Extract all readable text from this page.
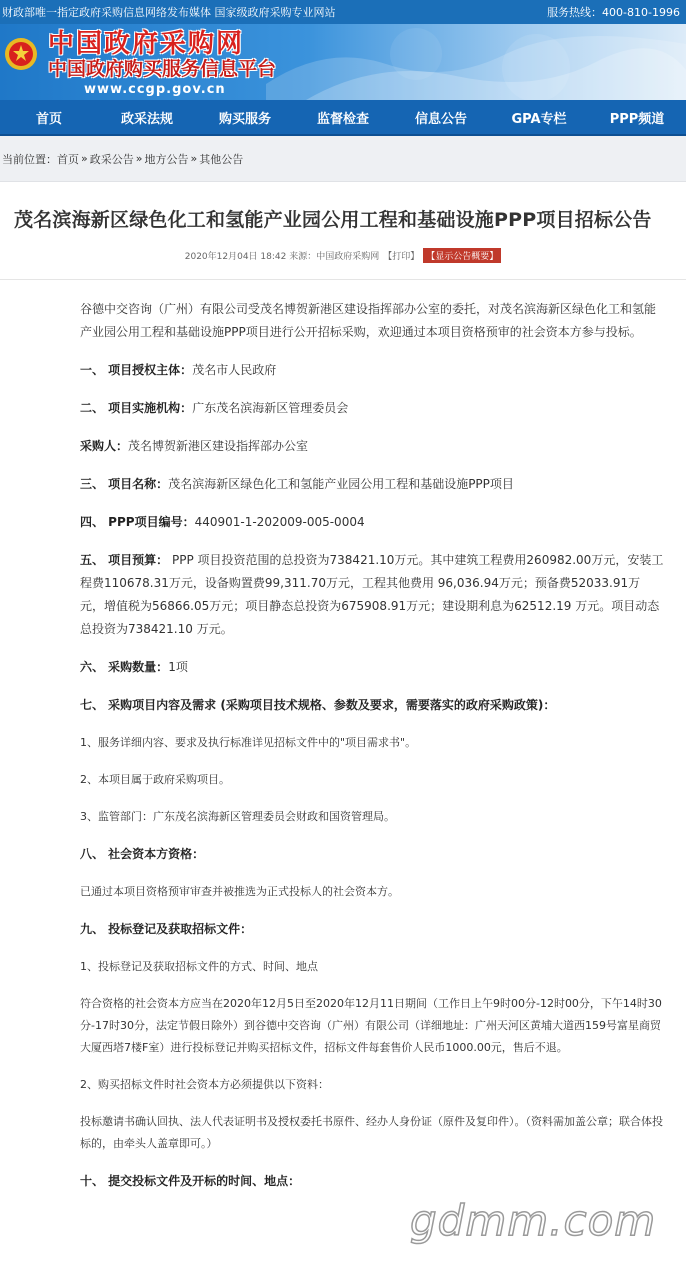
财政部唯一指定政府采购信息网络发布媒体 国家级政府采购专业网站	服务热线：400-810-1996
中国政府采购网
中国政府购买服务信息平台
www.ccgp.gov.cn
首页	政采法规	购买服务	监督检查	信息公告	GPA专栏	PPP频道
当前位置： 首页 » 政采公告 » 地方公告 » 其他公告
茂名滨海新区绿色化工和氢能产业园公用工程和基础设施PPP项目招标公告
2020年12月04日 18:42 来源：中国政府采购网 【打印】 【显示公告概要】
谷德中交咨询（广州）有限公司受茂名博贺新港区建设指挥部办公室的委托，对茂名滨海新区绿色化工和氢能产业园公用工程和基础设施PPP项目进行公开招标采购，欢迎通过本项目资格预审的社会资本方参与投标。
一、 项目授权主体：茂名市人民政府
二、 项目实施机构：广东茂名滨海新区管理委员会
采购人：茂名博贺新港区建设指挥部办公室
三、 项目名称：茂名滨海新区绿色化工和氢能产业园公用工程和基础设施PPP项目
四、 PPP项目编号：440901-1-202009-005-0004
五、 项目预算： PPP 项目投资范围的总投资为738421.10万元。其中建筑工程费用260982.00万元，安装工程费110678.31万元，设备购置费99,311.70万元，工程其他费用 96,036.94万元；预备费52033.91万元，增值税为56866.05万元；项目静态总投资为675908.91万元；建设期利息为62512.19 万元。项目动态总投资为738421.10 万元。
六、 采购数量：1项
七、 采购项目内容及需求 (采购项目技术规格、参数及要求，需要落实的政府采购政策)：
1、服务详细内容、要求及执行标准详见招标文件中的"项目需求书"。
2、本项目属于政府采购项目。
3、监管部门：广东茂名滨海新区管理委员会财政和国资管理局。
八、 社会资本方资格：
已通过本项目资格预审审查并被推选为正式投标人的社会资本方。
九、 投标登记及获取招标文件：
1、投标登记及获取招标文件的方式、时间、地点
符合资格的社会资本方应当在2020年12月5日至2020年12月11日期间（工作日上午9时00分-12时00分，下午14时30分-17时30分，法定节假日除外）到谷德中交咨询（广州）有限公司（详细地址：广州天河区黄埔大道西159号富星商贸大厦西塔7楼F室）进行投标登记并购买招标文件，招标文件每套售价人民币1000.00元，售后不退。
2、购买招标文件时社会资本方必须提供以下资料：
投标邀请书确认回执、法人代表证明书及授权委托书原件、经办人身份证（原件及复印件）。（资料需加盖公章；联合体投标的，由牵头人盖章即可。）
十、 提交投标文件及开标的时间、地点：
gdmm.com
